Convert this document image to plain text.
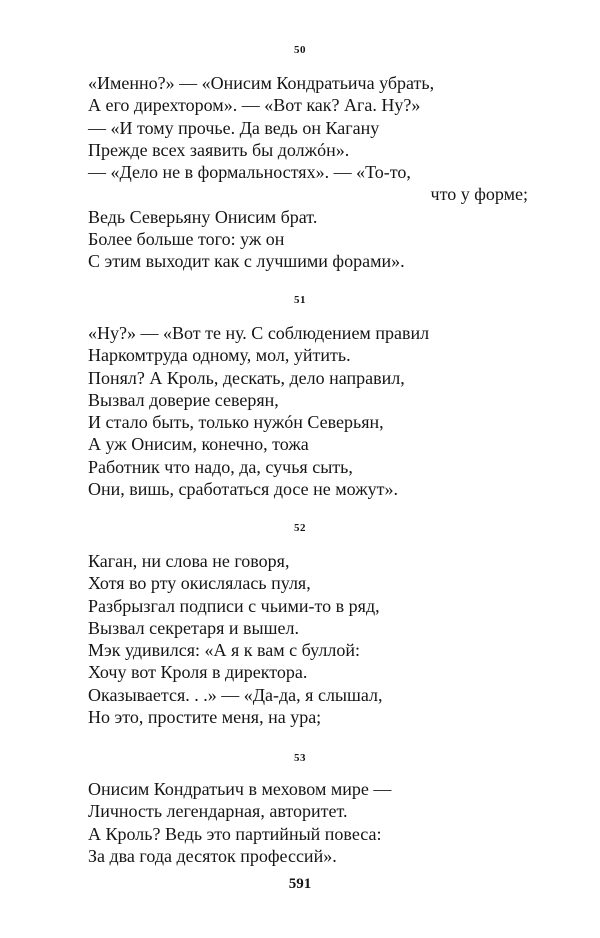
50
«Именно?» — «Онисим Кондратьича убрать,
А его дирехтором». — «Вот как? Ага. Ну?»
— «И тому прочье. Да ведь он Кагану
Прежде всех заявить бы должóн».
— «Дело не в формальностях». — «То-то,
что у форме;
Ведь Северьяну Онисим брат.
Более больше того: уж он
С этим выходит как с лучшими форами».
51
«Ну?» — «Вот те ну. С соблюдением правил
Наркомтруда одному, мол, уйтить.
Понял? А Кроль, дескать, дело направил,
Вызвал доверие северян,
И стало быть, только нужóн Северьян,
А уж Онисим, конечно, тожа
Работник что надо, да, сучья сыть,
Они, вишь, сработаться досе не можут».
52
Каган, ни слова не говоря,
Хотя во рту окислялась пуля,
Разбрызгал подписи с чьими-то в ряд,
Вызвал секретаря и вышел.
Мэк удивился: «А я к вам с буллой:
Хочу вот Кроля в директора.
Оказывается. . .» — «Да-да, я слышал,
Но это, простите меня, на ура;
53
Онисим Кондратьич в меховом мире —
Личность легендарная, авторитет.
А Кроль? Ведь это партийный повеса:
За два года десяток профессий».
591
